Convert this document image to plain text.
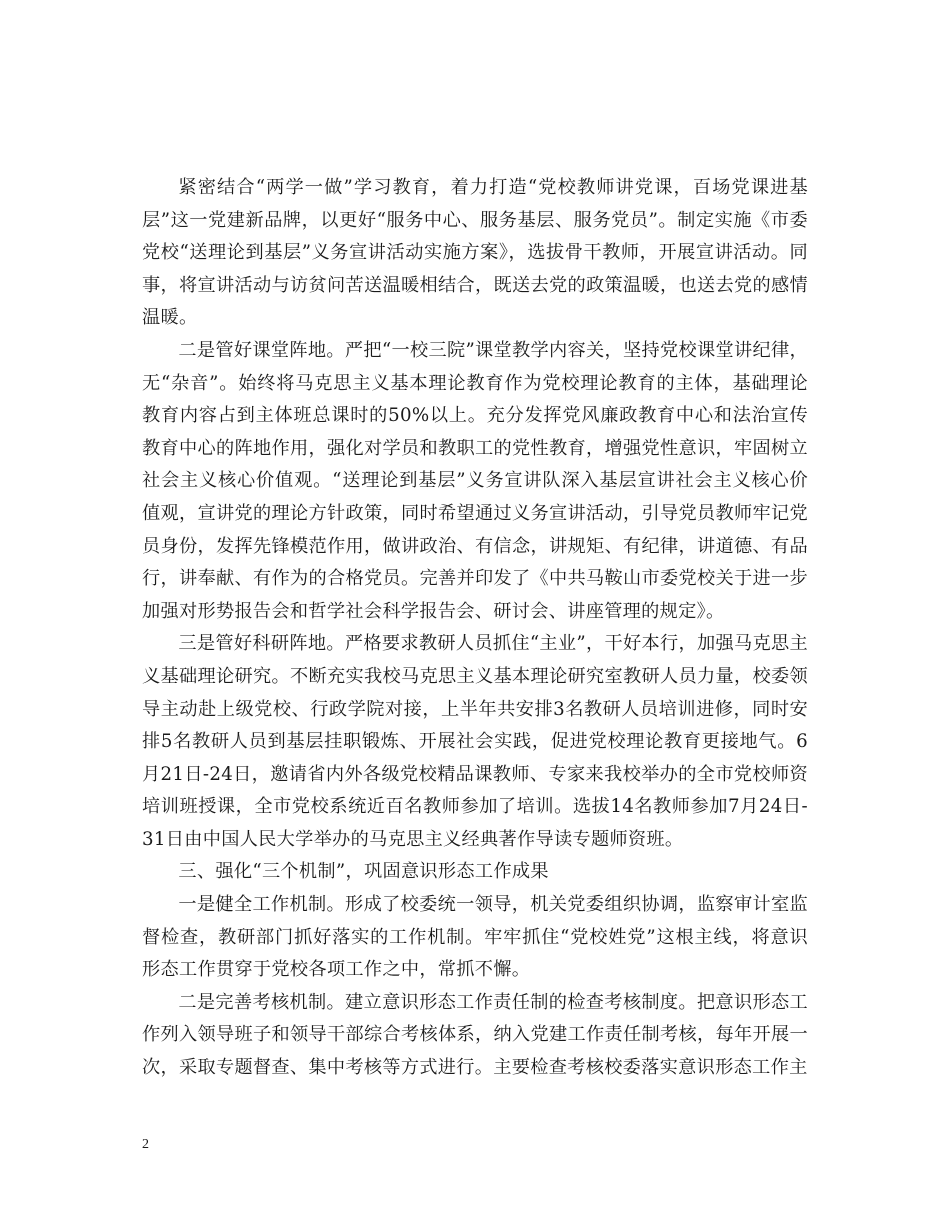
紧密结合“两学一做”学习教育，着力打造“党校教师讲党课，百场党课进基层”这一党建新品牌，以更好“服务中心、服务基层、服务党员”。制定实施《市委党校“送理论到基层”义务宣讲活动实施方案》，选拔骨干教师，开展宣讲活动。同事，将宣讲活动与访贫问苦送温暖相结合，既送去党的政策温暖，也送去党的感情温暖。

二是管好课堂阵地。严把“一校三院”课堂教学内容关，坚持党校课堂讲纪律，无“杂音”。始终将马克思主义基本理论教育作为党校理论教育的主体，基础理论教育内容占到主体班总课时的50%以上。充分发挥党风廉政教育中心和法治宣传教育中心的阵地作用，强化对学员和教职工的党性教育，增强党性意识，牢固树立社会主义核心价值观。“送理论到基层”义务宣讲队深入基层宣讲社会主义核心价值观，宣讲党的理论方针政策，同时希望通过义务宣讲活动，引导党员教师牢记党员身份，发挥先锋模范作用，做讲政治、有信念，讲规矩、有纪律，讲道德、有品行，讲奉献、有作为的合格党员。完善并印发了《中共马鞍山市委党校关于进一步加强对形势报告会和哲学社会科学报告会、研讨会、讲座管理的规定》。

三是管好科研阵地。严格要求教研人员抓住“主业”，干好本行，加强马克思主义基础理论研究。不断充实我校马克思主义基本理论研究室教研人员力量，校委领导主动赴上级党校、行政学院对接，上半年共安排3名教研人员培训进修，同时安排5名教研人员到基层挂职锻炼、开展社会实践，促进党校理论教育更接地气。6月21日-24日，邀请省内外各级党校精品课教师、专家来我校举办的全市党校师资培训班授课，全市党校系统近百名教师参加了培训。选拔14名教师参加7月24日-31日由中国人民大学举办的马克思主义经典著作导读专题师资班。

三、强化“三个机制”，巩固意识形态工作成果

一是健全工作机制。形成了校委统一领导，机关党委组织协调，监察审计室监督检查，教研部门抓好落实的工作机制。牢牢抓住“党校姓党”这根主线，将意识形态工作贯穿于党校各项工作之中，常抓不懈。

二是完善考核机制。建立意识形态工作责任制的检查考核制度。把意识形态工作列入领导班子和领导干部综合考核体系，纳入党建工作责任制考核，每年开展一次，采取专题督查、集中考核等方式进行。主要检查考核校委落实意识形态工作主

2
